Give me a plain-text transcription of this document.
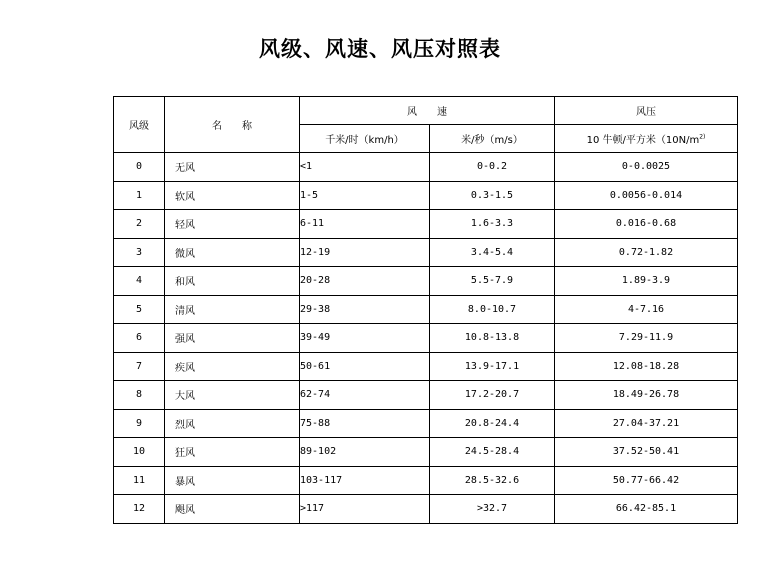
风级、风速、风压对照表
风级	名　　称	风　　速		风压
		千米/时（km/h）	米/秒（m/s）	10 牛顿/平方米（$10N/m^{2)}$
0	无风	<1	0-0.2	0-0.0025
1	软风	1-5	0.3-1.5	0.0056-0.014
2	轻风	6-11	1.6-3.3	0.016-0.68
3	微风	12-19	3.4-5.4	0.72-1.82
4	和风	20-28	5.5-7.9	1.89-3.9
5	清风	29-38	8.0-10.7	4-7.16
6	强风	39-49	10.8-13.8	7.29-11.9
7	疾风	50-61	13.9-17.1	12.08-18.28
8	大风	62-74	17.2-20.7	18.49-26.78
9	烈风	75-88	20.8-24.4	27.04-37.21
10	狂风	89-102	24.5-28.4	37.52-50.41
11	暴风	103-117	28.5-32.6	50.77-66.42
12	飓风	>117	>32.7	66.42-85.1
